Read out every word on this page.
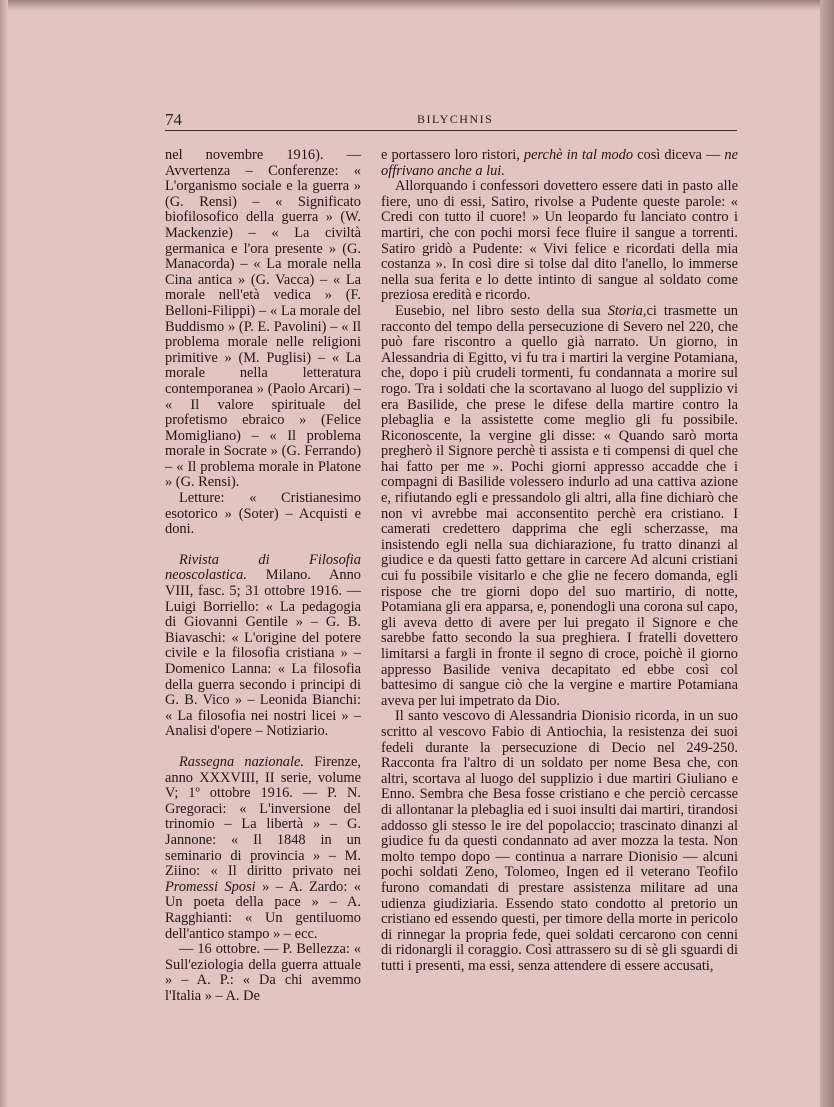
74	BILYCHNIS

nel novembre 1916). — Avvertenza – Conferenze: « L'organismo sociale e la guerra » (G. Rensi) – « Significato biofilosofico della guerra » (W. Mackenzie) – « La civiltà germanica e l'ora presente » (G. Manacorda) – « La morale nella Cina antica » (G. Vacca) – « La morale nell'età vedica » (F. Belloni-Filippi) – « La morale del Buddismo » (P. E. Pavolini) – « Il problema morale nelle religioni primitive » (M. Puglisi) – « La morale nella letteratura contemporanea » (Paolo Arcari) – « Il valore spirituale del profetismo ebraico » (Felice Momigliano) – « Il problema morale in Socrate » (G. Ferrando) – « Il problema morale in Platone » (G. Rensi).

Letture: « Cristianesimo esotorico » (Soter) – Acquisti e doni.

Rivista di Filosofia neoscolastica. Milano. Anno VIII, fasc. 5; 31 ottobre 1916. — Luigi Borriello: « La pedagogia di Giovanni Gentile » – G. B. Biavaschi: « L'origine del potere civile e la filosofia cristiana » – Domenico Lanna: « La filosofia della guerra secondo i principi di G. B. Vico » – Leonida Bianchi: « La filosofia nei nostri licei » – Analisi d'opere – Notiziario.

Rassegna nazionale. Firenze, anno XXXVIII, II serie, volume V; 1º ottobre 1916. — P. N. Gregoraci: « L'inversione del trinomio – La libertà » – G. Jannone: « Il 1848 in un seminario di provincia » – M. Ziino: « Il diritto privato nei Promessi Sposi » – A. Zardo: « Un poeta della pace » – A. Ragghianti: « Un gentiluomo dell'antico stampo » – ecc.

— 16 ottobre. — P. Bellezza: « Sull'eziologia della guerra attuale » – A. P.: « Da chi avemmo l'Italia » – A. De

e portassero loro ristori, perchè in tal modo così diceva — ne offrivano anche a lui.

Allorquando i confessori dovettero essere dati in pasto alle fiere, uno di essi, Satiro, rivolse a Pudente queste parole: « Credi con tutto il cuore! » Un leopardo fu lanciato contro i martiri, che con pochi morsi fece fluire il sangue a torrenti. Satiro gridò a Pudente: « Vivi felice e ricordati della mia costanza ». In così dire si tolse dal dito l'anello, lo immerse nella sua ferita e lo dette intinto di sangue al soldato come preziosa eredità e ricordo.

Eusebio, nel libro sesto della sua Storia,ci trasmette un racconto del tempo della persecuzione di Severo nel 220, che può fare riscontro a quello già narrato. Un giorno, in Alessandria di Egitto, vi fu tra i martiri la vergine Potamiana, che, dopo i più crudeli tormenti, fu condannata a morire sul rogo. Tra i soldati che la scortavano al luogo del supplizio vi era Basilide, che prese le difese della martire contro la plebaglia e la assistette come meglio gli fu possibile. Riconoscente, la vergine gli disse: « Quando sarò morta pregherò il Signore perchè ti assista e ti compensi di quel che hai fatto per me ». Pochi giorni appresso accadde che i compagni di Basilide volessero indurlo ad una cattiva azione e, rifiutando egli e pressandolo gli altri, alla fine dichiarò che non vi avrebbe mai acconsentito perchè era cristiano. I camerati credettero dapprima che egli scherzasse, ma insistendo egli nella sua dichiarazione, fu tratto dinanzi al giudice e da questi fatto gettare in carcere Ad alcuni cristiani cui fu possibile visitarlo e che glie ne fecero domanda, egli rispose che tre giorni dopo del suo martirio, di notte, Potamiana gli era apparsa, e, ponendogli una corona sul capo, gli aveva detto di avere per lui pregato il Signore e che sarebbe fatto secondo la sua preghiera. I fratelli dovettero limitarsi a fargli in fronte il segno di croce, poichè il giorno appresso Basilide veniva decapitato ed ebbe così col battesimo di sangue ciò che la vergine e martire Potamiana aveva per lui impetrato da Dio.

Il santo vescovo di Alessandria Dionisio ricorda, in un suo scritto al vescovo Fabio di Antiochia, la resistenza dei suoi fedeli durante la persecuzione di Decio nel 249-250. Racconta fra l'altro di un soldato per nome Besa che, con altri, scortava al luogo del supplizio i due martiri Giuliano e Enno. Sembra che Besa fosse cristiano e che perciò cercasse di allontanar la plebaglia ed i suoi insulti dai martiri, tirandosi addosso gli stesso le ire del popolaccio; trascinato dinanzi al giudice fu da questi condannato ad aver mozza la testa. Non molto tempo dopo — continua a narrare Dionisio — alcuni pochi soldati Zeno, Tolomeo, Ingen ed il veterano Teofilo furono comandati di prestare assistenza militare ad una udienza giudiziaria. Essendo stato condotto al pretorio un cristiano ed essendo questi, per timore della morte in pericolo di rinnegar la propria fede, quei soldati cercarono con cenni di ridonargli il coraggio. Così attrassero su di sè gli sguardi di tutti i presenti, ma essi, senza attendere di essere accusati,
